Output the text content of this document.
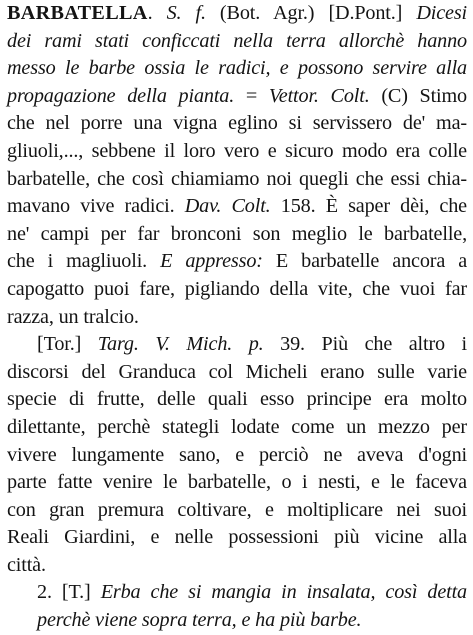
BARBATELLA. S. f. (Bot. Agr.) [D.Pont.] Dicesi
dei rami stati conficcati nella terra allorchè hanno
messo le barbe ossia le radici, e possono servire alla
propagazione della pianta. = Vettor. Colt. (C) Stimo
che nel porre una vigna eglino si servissero de' ma-
gliuoli,..., sebbene il loro vero e sicuro modo era colle
barbatelle, che così chiamiamo noi quegli che essi chia-
mavano vive radici. Dav. Colt. 158. È saper dèi, che
ne' campi per far bronconi son meglio le barbatelle,
che i magliuoli. E appresso: E barbatelle ancora a
capogatto puoi fare, pigliando della vite, che vuoi far
razza, un tralcio.
[Tor.] Targ. V. Mich. p. 39. Più che altro i
discorsi del Granduca col Micheli erano sulle varie
specie di frutte, delle quali esso principe era molto
dilettante, perchè stategli lodate come un mezzo per
vivere lungamente sano, e perciò ne aveva d'ogni
parte fatte venire le barbatelle, o i nesti, e le faceva
con gran premura coltivare, e moltiplicare nei suoi
Reali Giardini, e nelle possessioni più vicine alla
città.
2. [T.] Erba che si mangia in insalata, così detta
perchè viene sopra terra, e ha più barbe.
